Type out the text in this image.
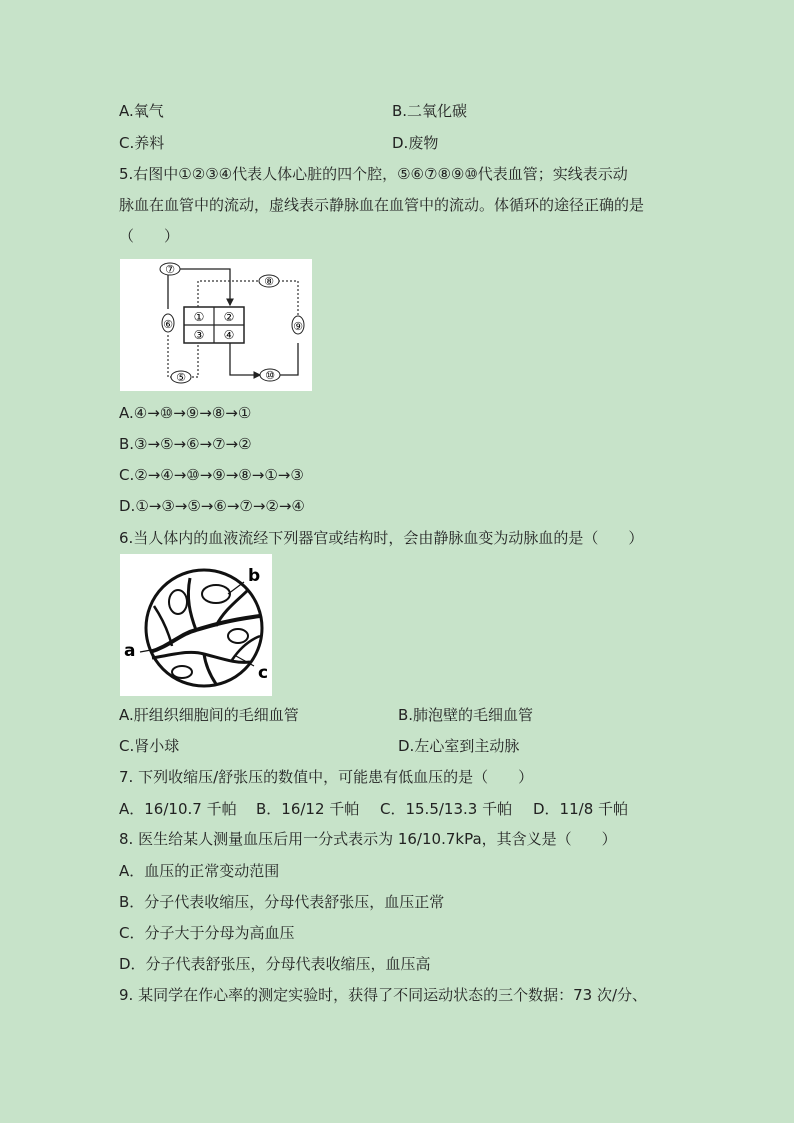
A.氧气	B.二氧化碳
C.养料	D.废物
5.右图中①②③④代表人体心脏的四个腔，⑤⑥⑦⑧⑨⑩代表血管；实线表示动
脉血在血管中的流动，虚线表示静脉血在血管中的流动。体循环的途径正确的是
（　　）
⑥
⑦
⑧
⑨
⑤	⑩
① ②
③ ④
A.④→⑩→⑨→⑧→①
B.③→⑤→⑥→⑦→②
C.②→④→⑩→⑨→⑧→①→③
D.①→③→⑤→⑥→⑦→②→④
6.当人体内的血液流经下列器官或结构时，会由静脉血变为动脉血的是（　　）
b
a
c
A.肝组织细胞间的毛细血管	B.肺泡壁的毛细血管
C.肾小球	D.左心室到主动脉
7. 下列收缩压/舒张压的数值中，可能患有低血压的是（　　）
A．16/10.7 千帕 B．16/12 千帕 C．15.5/13.3 千帕 D．11/8 千帕
8. 医生给某人测量血压后用一分式表示为 16/10.7kPa，其含义是（　　）
A．血压的正常变动范围
B．分子代表收缩压，分母代表舒张压，血压正常
C．分子大于分母为高血压
D．分子代表舒张压，分母代表收缩压，血压高
9. 某同学在作心率的测定实验时，获得了不同运动状态的三个数据：73 次/分、
